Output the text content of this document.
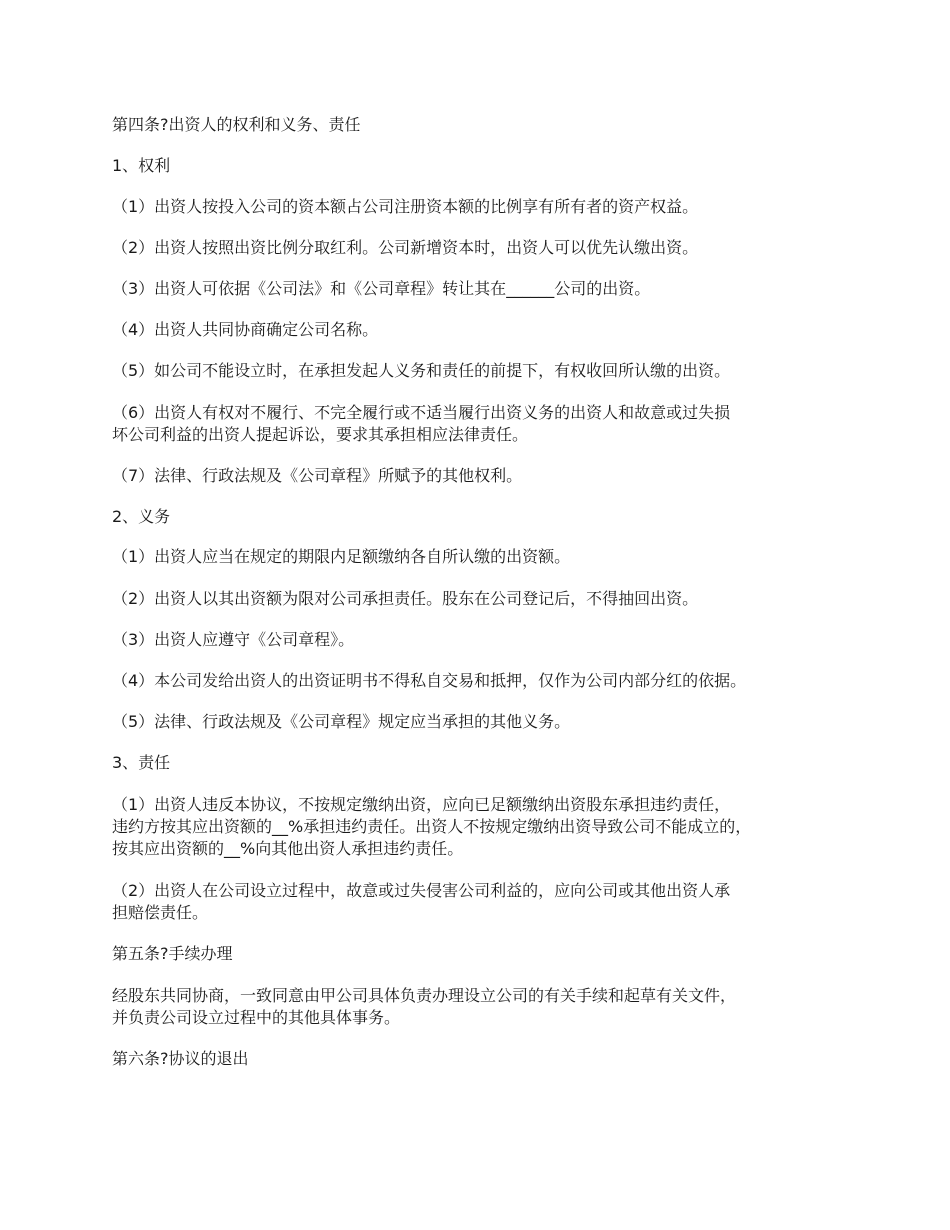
第四条?出资人的权利和义务、责任

1、权利

（1）出资人按投入公司的资本额占公司注册资本额的比例享有所有者的资产权益。

（2）出资人按照出资比例分取红利。公司新增资本时，出资人可以优先认缴出资。

（3）出资人可依据《公司法》和《公司章程》转让其在______公司的出资。

（4）出资人共同协商确定公司名称。

（5）如公司不能设立时，在承担发起人义务和责任的前提下，有权收回所认缴的出资。

（6）出资人有权对不履行、不完全履行或不适当履行出资义务的出资人和故意或过失损

坏公司利益的出资人提起诉讼，要求其承担相应法律责任。

（7）法律、行政法规及《公司章程》所赋予的其他权利。

2、义务

（1）出资人应当在规定的期限内足额缴纳各自所认缴的出资额。

（2）出资人以其出资额为限对公司承担责任。股东在公司登记后，不得抽回出资。

（3）出资人应遵守《公司章程》。

（4）本公司发给出资人的出资证明书不得私自交易和抵押，仅作为公司内部分红的依据。

（5）法律、行政法规及《公司章程》规定应当承担的其他义务。

3、责任

（1）出资人违反本协议，不按规定缴纳出资，应向已足额缴纳出资股东承担违约责任，

违约方按其应出资额的__%承担违约责任。出资人不按规定缴纳出资导致公司不能成立的，

按其应出资额的__%向其他出资人承担违约责任。

（2）出资人在公司设立过程中，故意或过失侵害公司利益的，应向公司或其他出资人承

担赔偿责任。

第五条?手续办理

经股东共同协商，一致同意由甲公司具体负责办理设立公司的有关手续和起草有关文件，

并负责公司设立过程中的其他具体事务。

第六条?协议的退出
